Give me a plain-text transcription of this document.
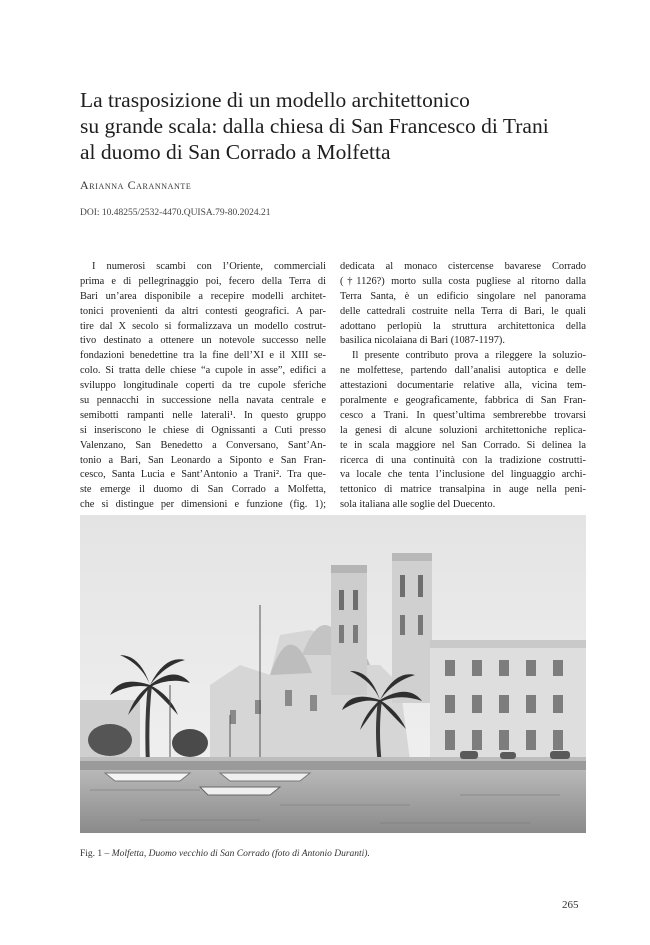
La trasposizione di un modello architettonico
su grande scala: dalla chiesa di San Francesco di Trani
al duomo di San Corrado a Molfetta
Arianna Carannante
DOI: 10.48255/2532-4470.QUISA.79-80.2024.21

I numerosi scambi con l’Oriente, commerciali
prima e di pellegrinaggio poi, fecero della Terra di
Bari un’area disponibile a recepire modelli architet-
tonici provenienti da altri contesti geografici. A par-
tire dal X secolo si formalizzava un modello costrut-
tivo destinato a ottenere un notevole successo nelle
fondazioni benedettine tra la fine dell’XI e il XIII se-
colo. Si tratta delle chiese “a cupole in asse”, edifici a
sviluppo longitudinale coperti da tre cupole sferiche
su pennacchi in successione nella navata centrale e
semibotti rampanti nelle laterali¹. In questo gruppo
si inseriscono le chiese di Ognissanti a Cuti presso
Valenzano, San Benedetto a Conversano, Sant’An-
tonio a Bari, San Leonardo a Siponto e San Fran-
cesco, Santa Lucia e Sant’Antonio a Trani². Tra que-
ste emerge il duomo di San Corrado a Molfetta,
che si distingue per dimensioni e funzione (fig. 1);

dedicata al monaco cistercense bavarese Corrado
(†1126?) morto sulla costa pugliese al ritorno dalla
Terra Santa, è un edificio singolare nel panorama
delle cattedrali costruite nella Terra di Bari, le quali
adottano perlopiù la struttura architettonica della
basilica nicolaiana di Bari (1087-1197).

Il presente contributo prova a rileggere la soluzio-
ne molfettese, partendo dall’analisi autoptica e delle
attestazioni documentarie relative alla, vicina tem-
poralmente e geograficamente, fabbrica di San Fran-
cesco a Trani. In quest’ultima sembrerebbe trovarsi
la genesi di alcune soluzioni architettoniche replica-
te in scala maggiore nel San Corrado. Si delinea la
ricerca di una continuità con la tradizione costrutti-
va locale che tenta l’inclusione del linguaggio archi-
tettonico di matrice transalpina in auge nella peni-
sola italiana alle soglie del Duecento.

Fig. 1 – Molfetta, Duomo vecchio di San Corrado (foto di Antonio Duranti).
265
